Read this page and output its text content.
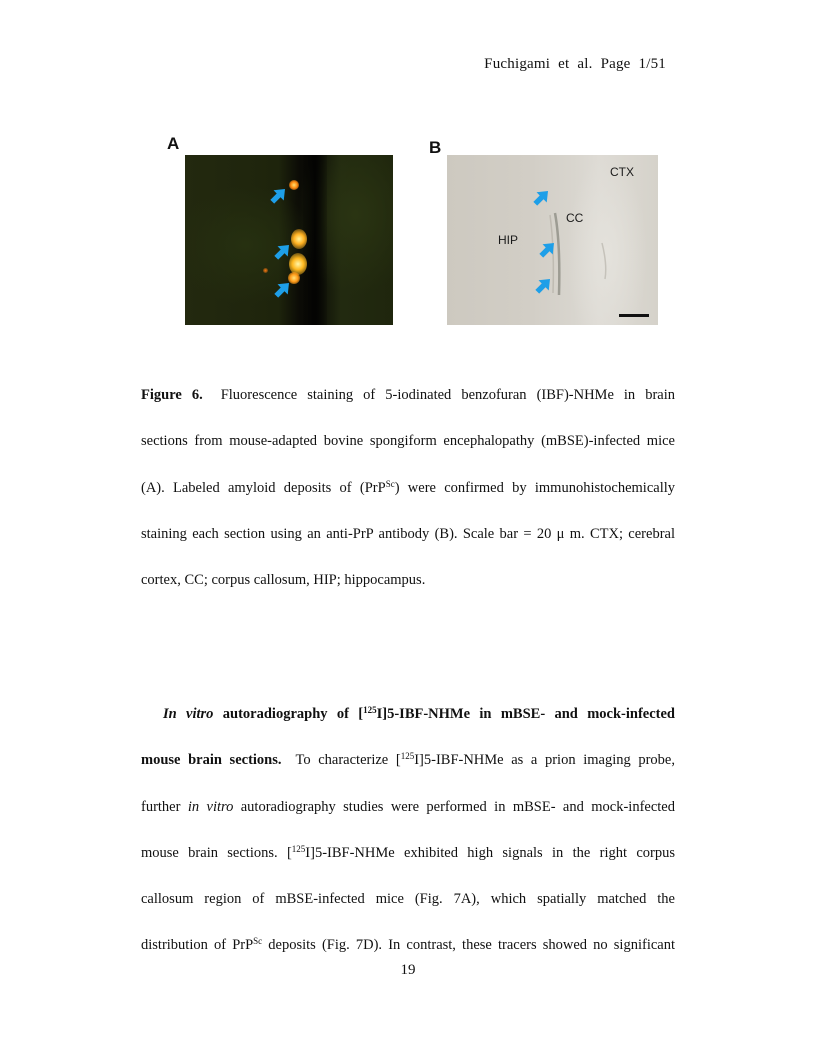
Fuchigami et al. Page 1/51
A	B
CTX
CC
HIP
Figure 6. Fluorescence staining of 5-iodinated benzofuran (IBF)-NHMe in brain
sections from mouse-adapted bovine spongiform encephalopathy (mBSE)-infected mice
(A). Labeled amyloid deposits of (PrP$^{Sc}$) were confirmed by immunohistochemically
staining each section using an anti-PrP antibody (B). Scale bar = 20 μ m. CTX; cerebral
cortex, CC; corpus callosum, HIP; hippocampus.
In vitro autoradiography of [$^{125}$I]5-IBF-NHMe in mBSE- and mock-infected
mouse brain sections. To characterize [$^{125}$I]5-IBF-NHMe as a prion imaging probe,
further in vitro autoradiography studies were performed in mBSE- and mock-infected
mouse brain sections. [$^{125}$I]5-IBF-NHMe exhibited high signals in the right corpus
callosum region of mBSE-infected mice (Fig. 7A), which spatially matched the
distribution of PrP$^{Sc}$ deposits (Fig. 7D). In contrast, these tracers showed no significant
19
